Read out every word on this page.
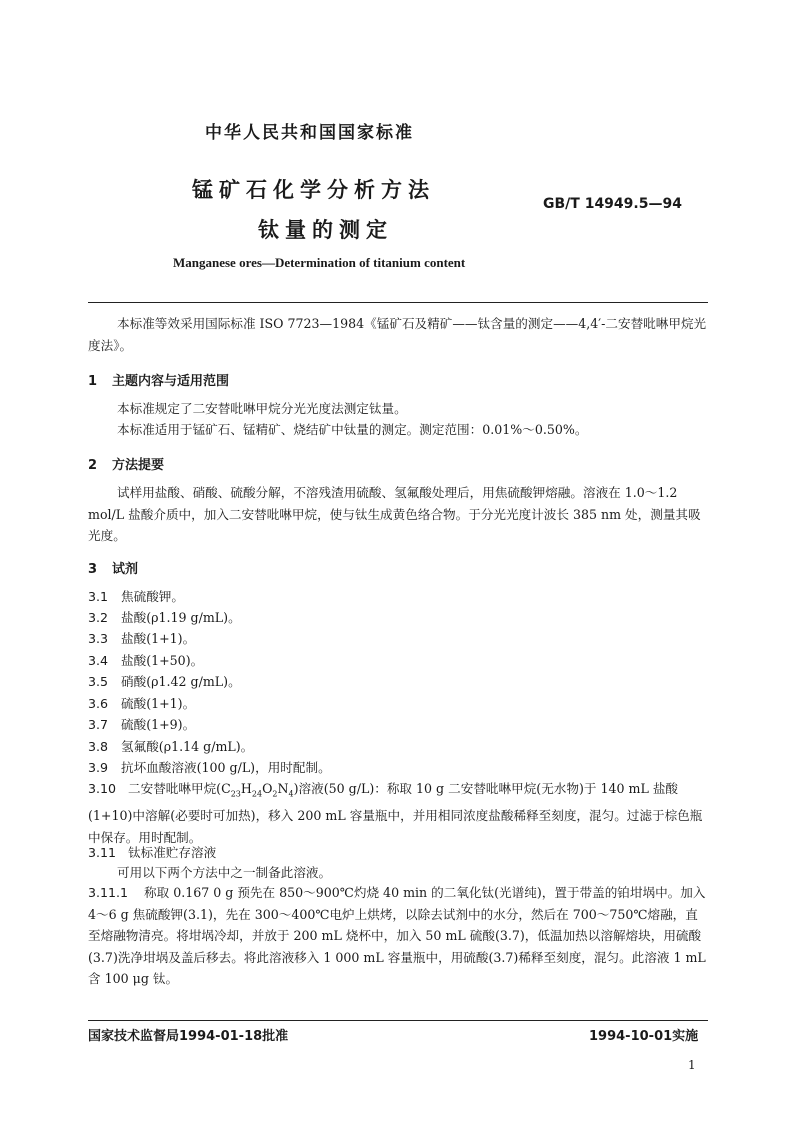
中华人民共和国国家标准
锰矿石化学分析方法
钛量的测定
GB/T 14949.5—94
Manganese ores—Determination of titanium content
本标准等效采用国际标准 ISO 7723—1984《锰矿石及精矿——钛含量的测定——4,4′-二安替吡啉甲烷光度法》。
1 主题内容与适用范围
本标准规定了二安替吡啉甲烷分光光度法测定钛量。
本标准适用于锰矿石、锰精矿、烧结矿中钛量的测定。测定范围：0.01%～0.50%。
2 方法提要
试样用盐酸、硝酸、硫酸分解，不溶残渣用硫酸、氢氟酸处理后，用焦硫酸钾熔融。溶液在 1.0～1.2 mol/L 盐酸介质中，加入二安替吡啉甲烷，使与钛生成黄色络合物。于分光光度计波长 385 nm 处，测量其吸光度。
3 试剂
3.1 焦硫酸钾。
3.2 盐酸(ρ1.19 g/mL)。
3.3 盐酸(1+1)。
3.4 盐酸(1+50)。
3.5 硝酸(ρ1.42 g/mL)。
3.6 硫酸(1+1)。
3.7 硫酸(1+9)。
3.8 氢氟酸(ρ1.14 g/mL)。
3.9 抗坏血酸溶液(100 g/L)，用时配制。
3.10 二安替吡啉甲烷$(C_{23}H_{24}O_2N_4)$溶液(50 g/L)：称取 10 g 二安替吡啉甲烷(无水物)于 140 mL 盐酸(1+10)中溶解(必要时可加热)，移入 200 mL 容量瓶中，并用相同浓度盐酸稀释至刻度，混匀。过滤于棕色瓶中保存。用时配制。
3.11 钛标准贮存溶液
可用以下两个方法中之一制备此溶液。
3.11.1 称取 0.167 0 g 预先在 850～900℃灼烧 40 min 的二氧化钛(光谱纯)，置于带盖的铂坩埚中。加入 4～6 g 焦硫酸钾(3.1)，先在 300～400℃电炉上烘烤，以除去试剂中的水分，然后在 700～750℃熔融，直至熔融物清亮。将坩埚冷却，并放于 200 mL 烧杯中，加入 50 mL 硫酸(3.7)，低温加热以溶解熔块，用硫酸(3.7)洗净坩埚及盖后移去。将此溶液移入 1 000 mL 容量瓶中，用硫酸(3.7)稀释至刻度，混匀。此溶液 1 mL 含 100 μg 钛。
国家技术监督局1994-01-18批准	1994-10-01实施
1
